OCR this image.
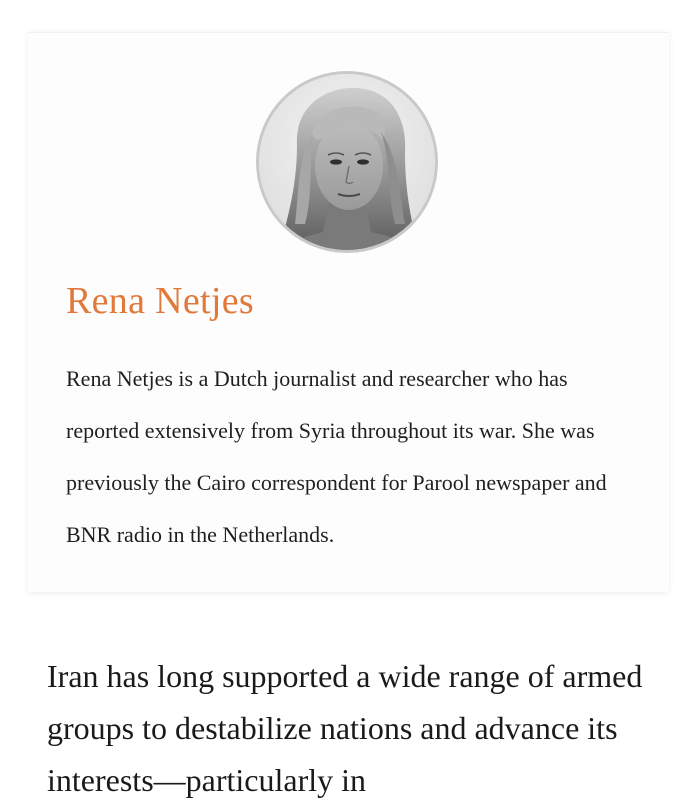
Rena Netjes

Rena Netjes is a Dutch journalist and researcher who has reported extensively from Syria throughout its war. She was previously the Cairo correspondent for Parool newspaper and BNR radio in the Netherlands.

Iran has long supported a wide range of armed groups to destabilize nations and advance its interests—particularly in
